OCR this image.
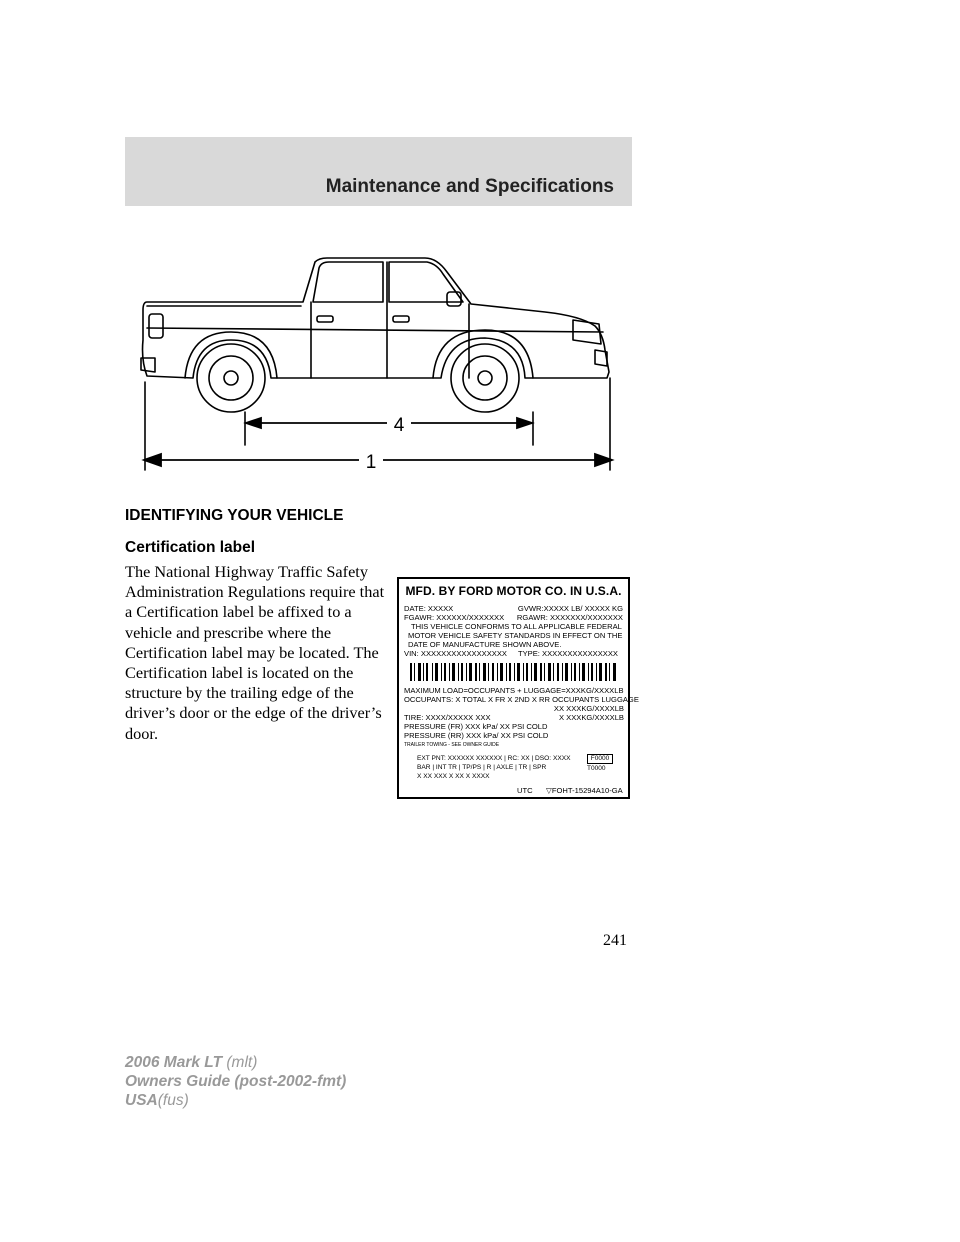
Maintenance and Specifications
4
1
IDENTIFYING YOUR VEHICLE
Certification label
The National Highway Traffic Safety Administration Regulations require that a Certification label be affixed to a vehicle and prescribe where the Certification label may be located. The Certification label is located on the structure by the trailing edge of the driver’s door or the edge of the driver’s door.
MFD. BY FORD MOTOR CO. IN U.S.A.
DATE: XXXXX	GVWR:XXXXX LB/ XXXXX KG
FGAWR: XXXXXX/XXXXXXX RGAWR: XXXXXXX/XXXXXXX
THIS VEHICLE CONFORMS TO ALL APPLICABLE FEDERAL
MOTOR VEHICLE SAFETY STANDARDS IN EFFECT ON THE
DATE OF MANUFACTURE SHOWN ABOVE.
VIN: XXXXXXXXXXXXXXXXX TYPE: XXXXXXXXXXXXXXX
MAXIMUM LOAD=OCCUPANTS + LUGGAGE=XXXKG/XXXXLB
OCCUPANTS: X TOTAL X FR X 2ND X RR OCCUPANTS LUGGAGE
XX XXXKG/XXXXLB
TIRE: XXXX/XXXXX XXX	X XXXKG/XXXXLB
PRESSURE (FR) XXX kPa/ XX PSI COLD
PRESSURE (RR) XXX kPa/ XX PSI COLD
TRAILER TOWING - SEE OWNER GUIDE
EXT PNT: XXXXXX XXXXXX | RC: XX | DSO: XXXX
BAR | INT TR | TP/PS | R | AXLE | TR | SPR
X XX XXX X XX X XXXX
F0000
T0000
UTC ▽FOHT-15294A10-GA
241
2006 Mark LT (mlt)
Owners Guide (post-2002-fmt)
USA(fus)
